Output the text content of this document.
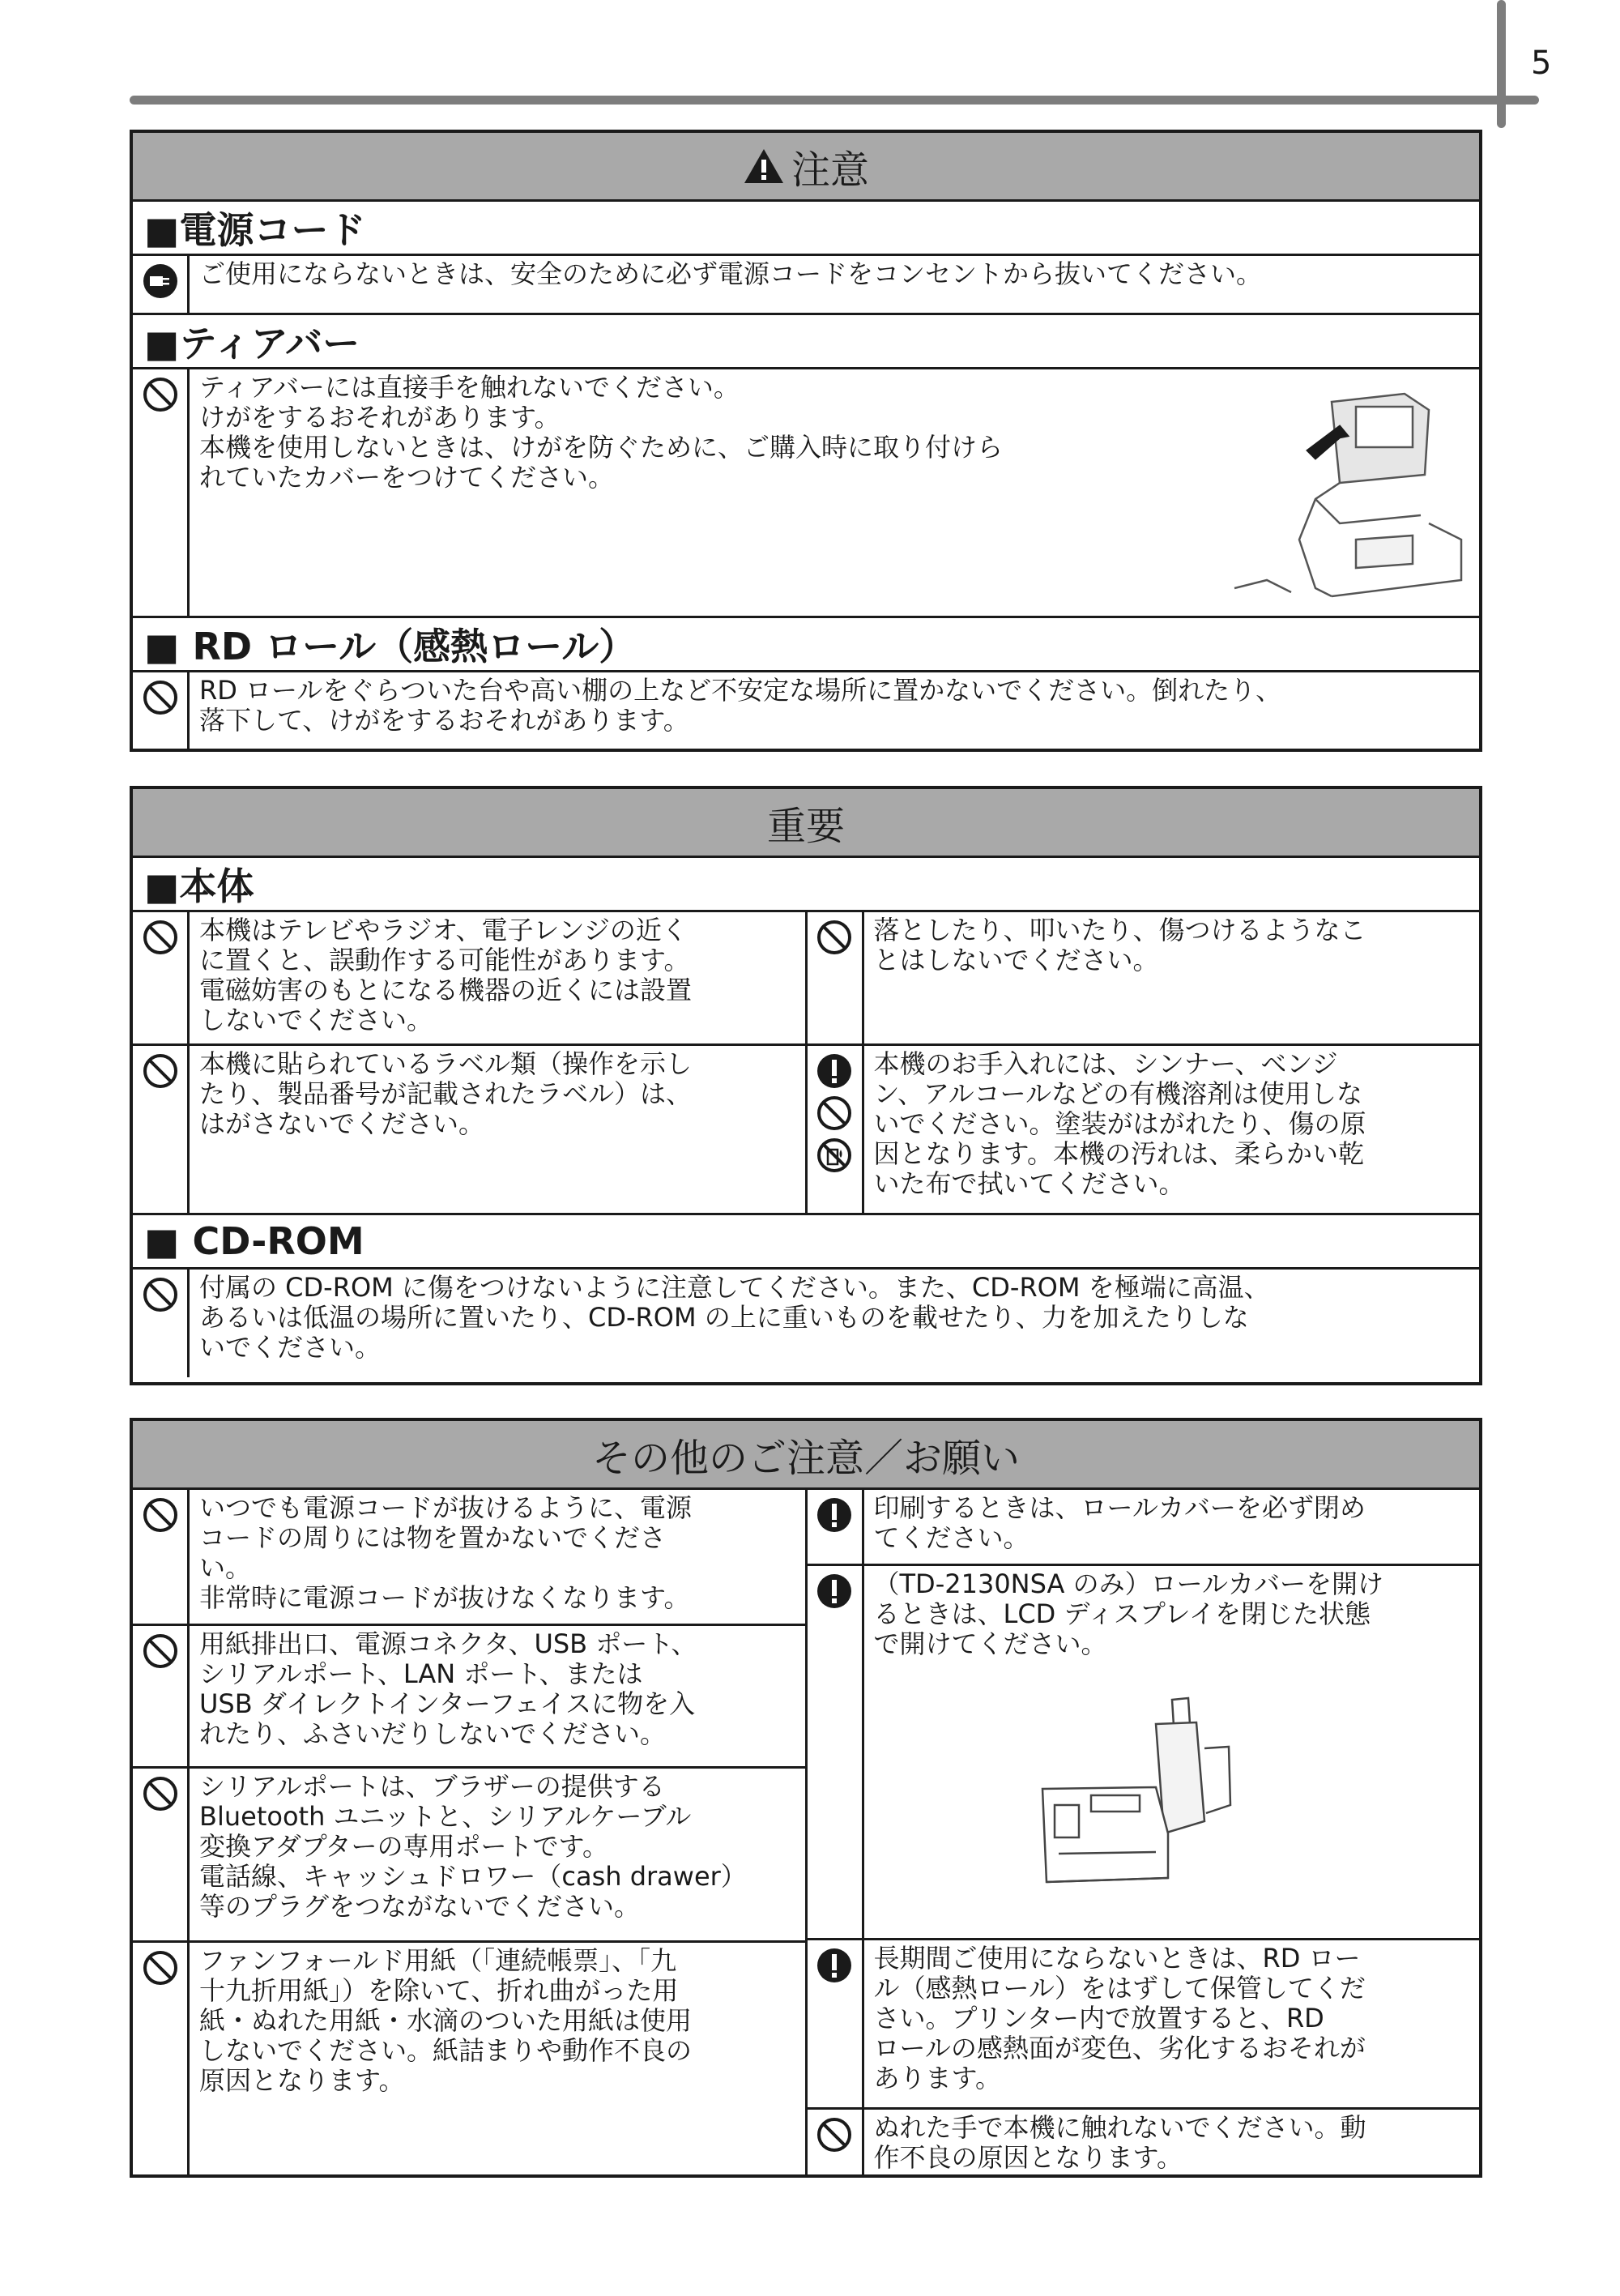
5
注意
■電源コード
ご使用にならないときは、安全のために必ず電源コードをコンセントから抜いてください。
■ティアバー
ティアバーには直接手を触れないでください。
けがをするおそれがあります。
本機を使用しないときは、けがを防ぐために、ご購入時に取り付けら
れていたカバーをつけてください。
■ RD ロール（感熱ロール）
RD ロールをぐらついた台や高い棚の上など不安定な場所に置かないでください。倒れたり、
落下して、けがをするおそれがあります。
重要
■本体
本機はテレビやラジオ、電子レンジの近く
に置くと、誤動作する可能性があります。
電磁妨害のもとになる機器の近くには設置
しないでください。
落としたり、叩いたり、傷つけるようなこ
とはしないでください。
本機に貼られているラベル類（操作を示し
たり、製品番号が記載されたラベル）は、
はがさないでください。
本機のお手入れには、シンナー、ベンジ
ン、アルコールなどの有機溶剤は使用しな
いでください。塗装がはがれたり、傷の原
因となります。本機の汚れは、柔らかい乾
いた布で拭いてください。
■ CD-ROM
付属の CD-ROM に傷をつけないように注意してください。また、CD-ROM を極端に高温、
あるいは低温の場所に置いたり、CD-ROM の上に重いものを載せたり、力を加えたりしな
いでください。
その他のご注意／お願い
いつでも電源コードが抜けるように、電源
コードの周りには物を置かないでくださ
い。
非常時に電源コードが抜けなくなります。
用紙排出口、電源コネクタ、USB ポート、
シリアルポート、LAN ポート、または
USB ダイレクトインターフェイスに物を入
れたり、ふさいだりしないでください。
シリアルポートは、ブラザーの提供する
Bluetooth ユニットと、シリアルケーブル
変換アダプターの専用ポートです。
電話線、キャッシュドロワー（cash drawer）
等のプラグをつながないでください。
ファンフォールド用紙（「連続帳票」、「九
十九折用紙」）を除いて、折れ曲がった用
紙・ぬれた用紙・水滴のついた用紙は使用
しないでください。紙詰まりや動作不良の
原因となります。
印刷するときは、ロールカバーを必ず閉め
てください。
（TD-2130NSA のみ）ロールカバーを開け
るときは、LCD ディスプレイを閉じた状態
で開けてください。
長期間ご使用にならないときは、RD ロー
ル（感熱ロール）をはずして保管してくだ
さい。プリンター内で放置すると、RD
ロールの感熱面が変色、劣化するおそれが
あります。
ぬれた手で本機に触れないでください。動
作不良の原因となります。
